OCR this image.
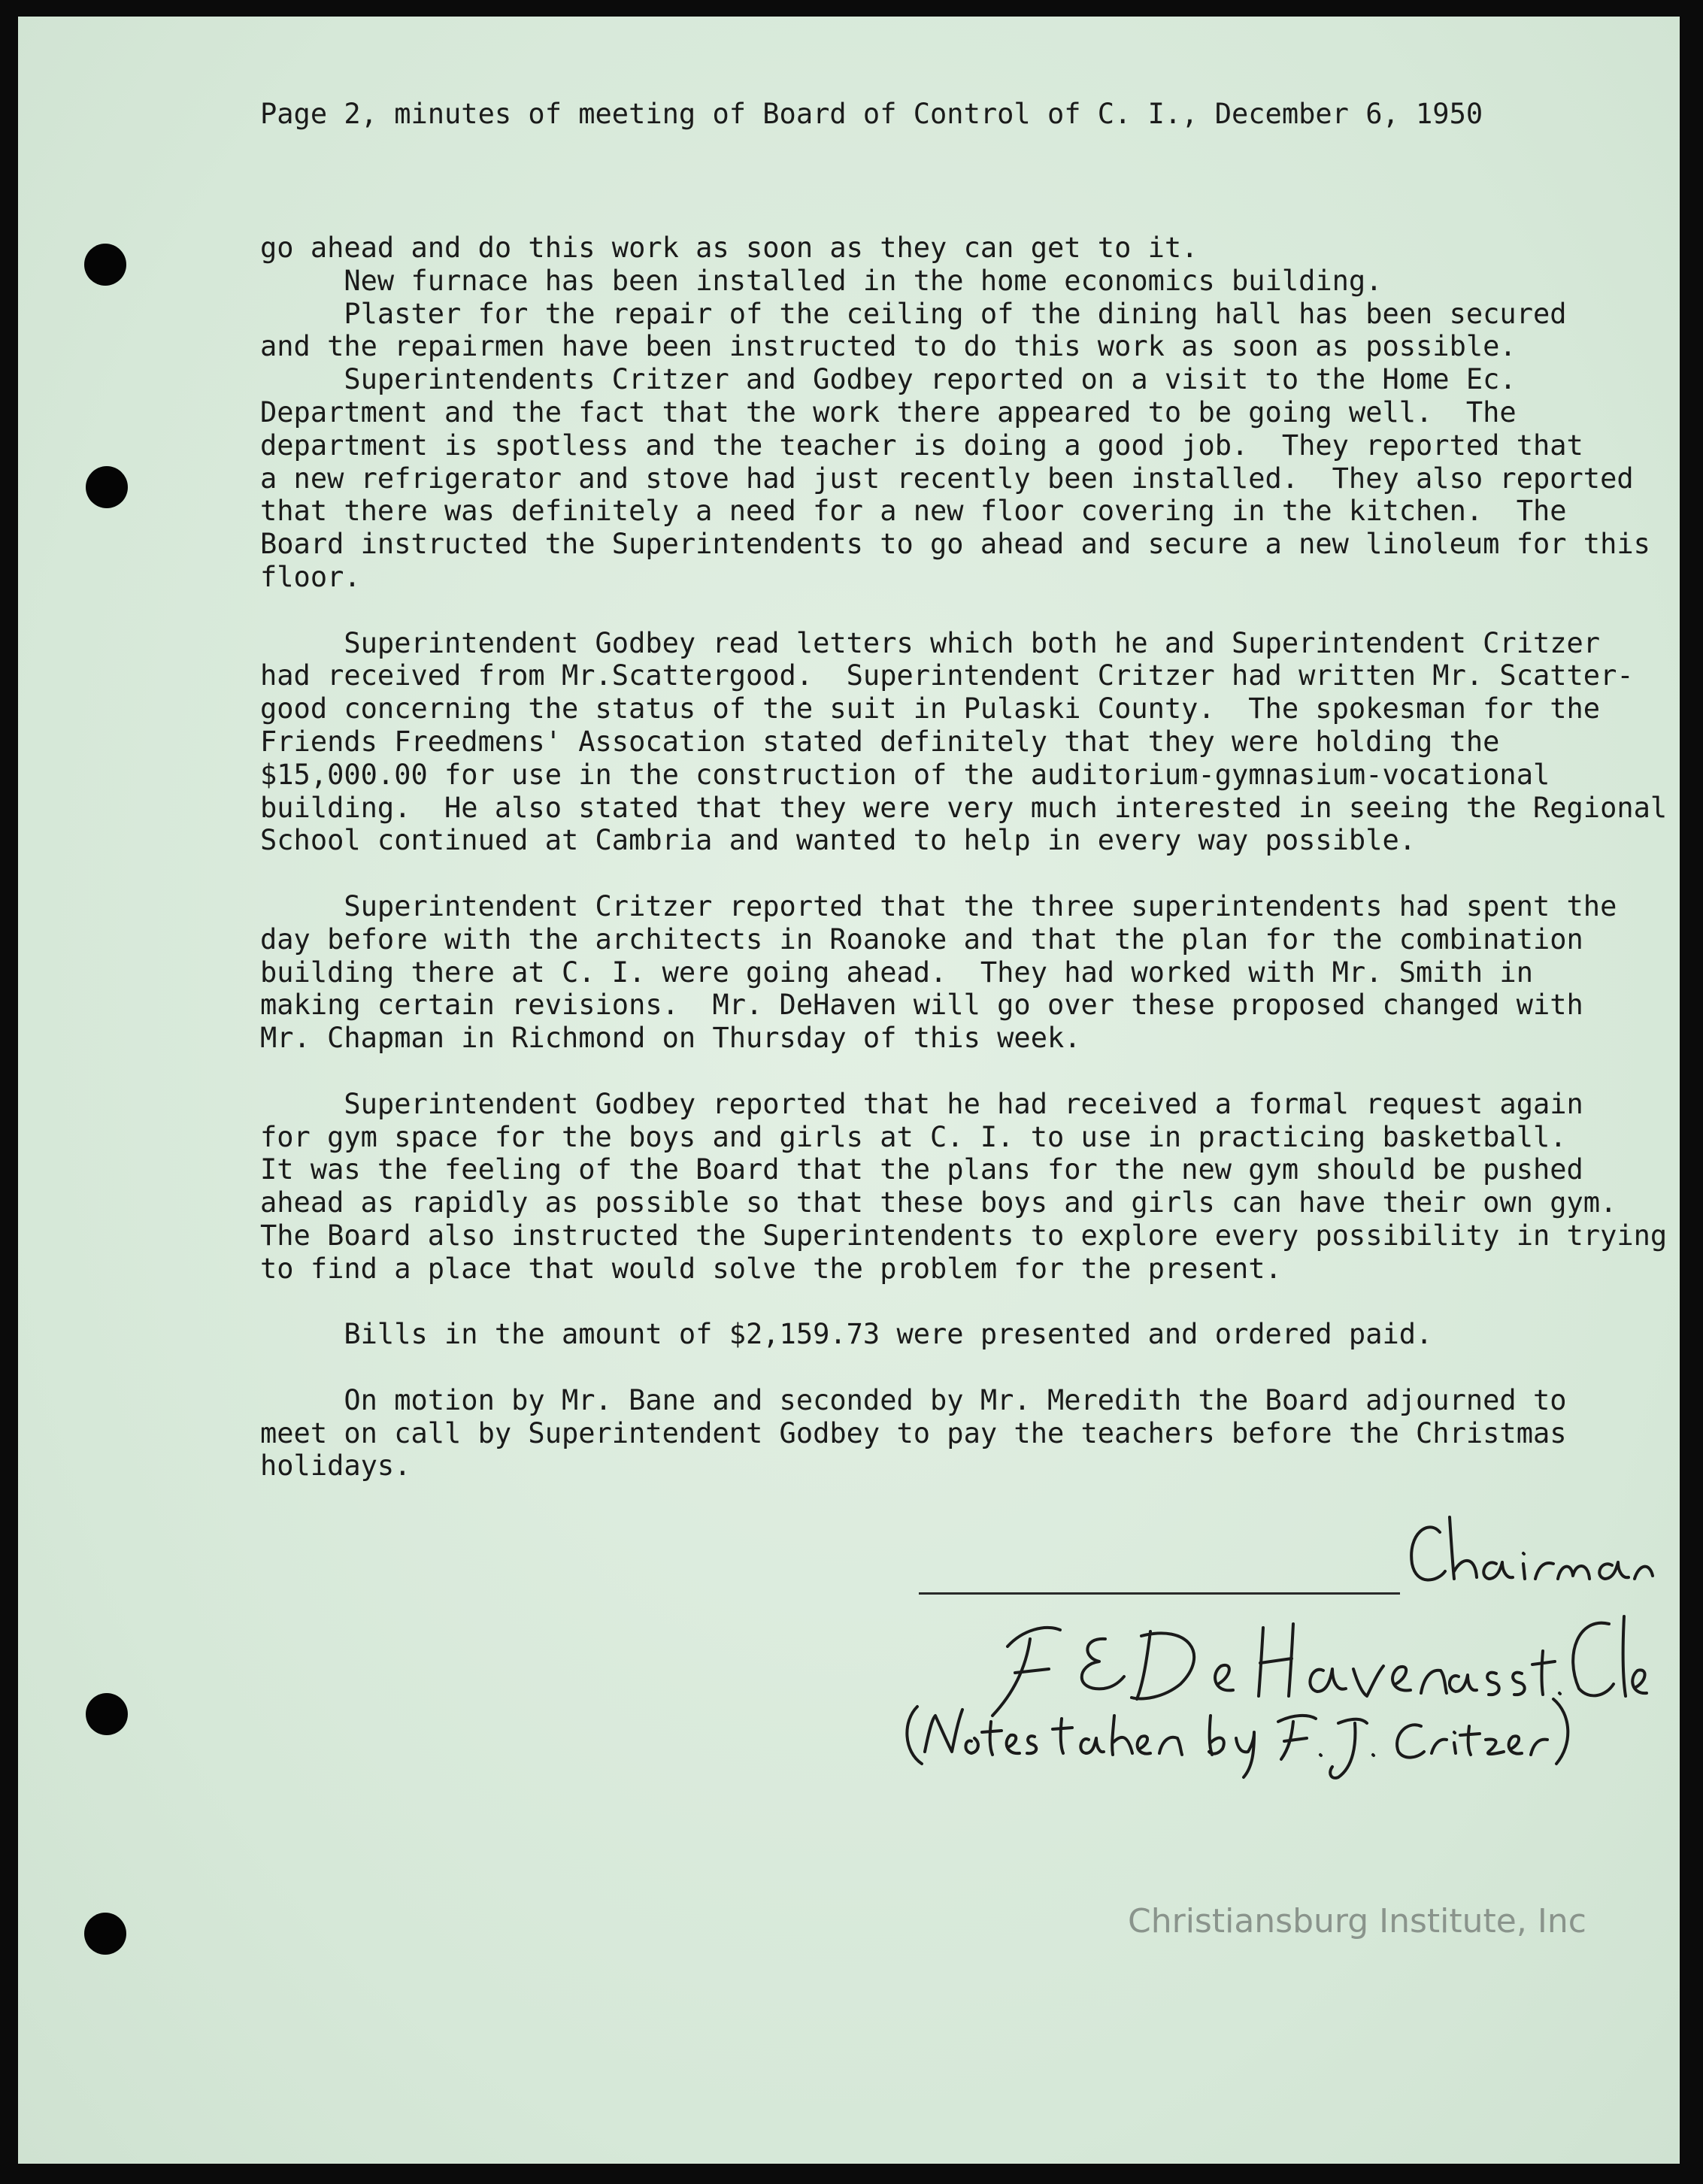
Page 2, minutes of meeting of Board of Control of C. I., December 6, 1950
go ahead and do this work as soon as they can get to it.
New furnace has been installed in the home economics building.
Plaster for the repair of the ceiling of the dining hall has been secured
and the repairmen have been instructed to do this work as soon as possible.
Superintendents Critzer and Godbey reported on a visit to the Home Ec.
Department and the fact that the work there appeared to be going well.  The
department is spotless and the teacher is doing a good job.  They reported that
a new refrigerator and stove had just recently been installed.  They also reported
that there was definitely a need for a new floor covering in the kitchen.  The
Board instructed the Superintendents to go ahead and secure a new linoleum for this
floor.
Superintendent Godbey read letters which both he and Superintendent Critzer
had received from Mr.Scattergood.  Superintendent Critzer had written Mr. Scatter-
good concerning the status of the suit in Pulaski County.  The spokesman for the
Friends Freedmens' Assocation stated definitely that they were holding the
$15,000.00 for use in the construction of the auditorium-gymnasium-vocational
building.  He also stated that they were very much interested in seeing the Regional
School continued at Cambria and wanted to help in every way possible.
Superintendent Critzer reported that the three superintendents had spent the
day before with the architects in Roanoke and that the plan for the combination
building there at C. I. were going ahead.  They had worked with Mr. Smith in
making certain revisions.  Mr. DeHaven will go over these proposed changed with
Mr. Chapman in Richmond on Thursday of this week.
Superintendent Godbey reported that he had received a formal request again
for gym space for the boys and girls at C. I. to use in practicing basketball.
It was the feeling of the Board that the plans for the new gym should be pushed
ahead as rapidly as possible so that these boys and girls can have their own gym.
The Board also instructed the Superintendents to explore every possibility in trying
to find a place that would solve the problem for the present.
Bills in the amount of $2,159.73 were presented and ordered paid.
On motion by Mr. Bane and seconded by Mr. Meredith the Board adjourned to
meet on call by Superintendent Godbey to pay the teachers before the Christmas
holidays.
Christiansburg Institute, Inc
